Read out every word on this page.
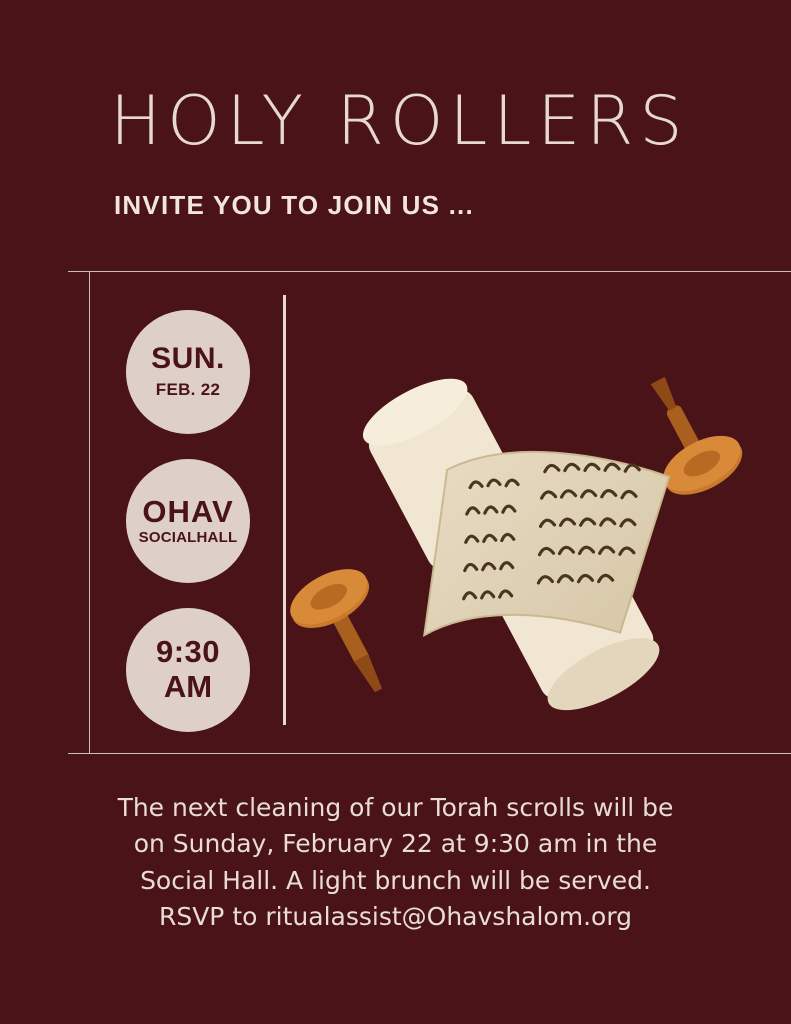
HOLY ROLLERS
INVITE YOU TO JOIN US ...
SUN.
FEB. 22
OHAV
SOCIALHALL
9:30
AM
The next cleaning of our Torah scrolls will be
on Sunday, February 22 at 9:30 am in the
Social Hall. A light brunch will be served.
RSVP to ritualassist@Ohavshalom.org
